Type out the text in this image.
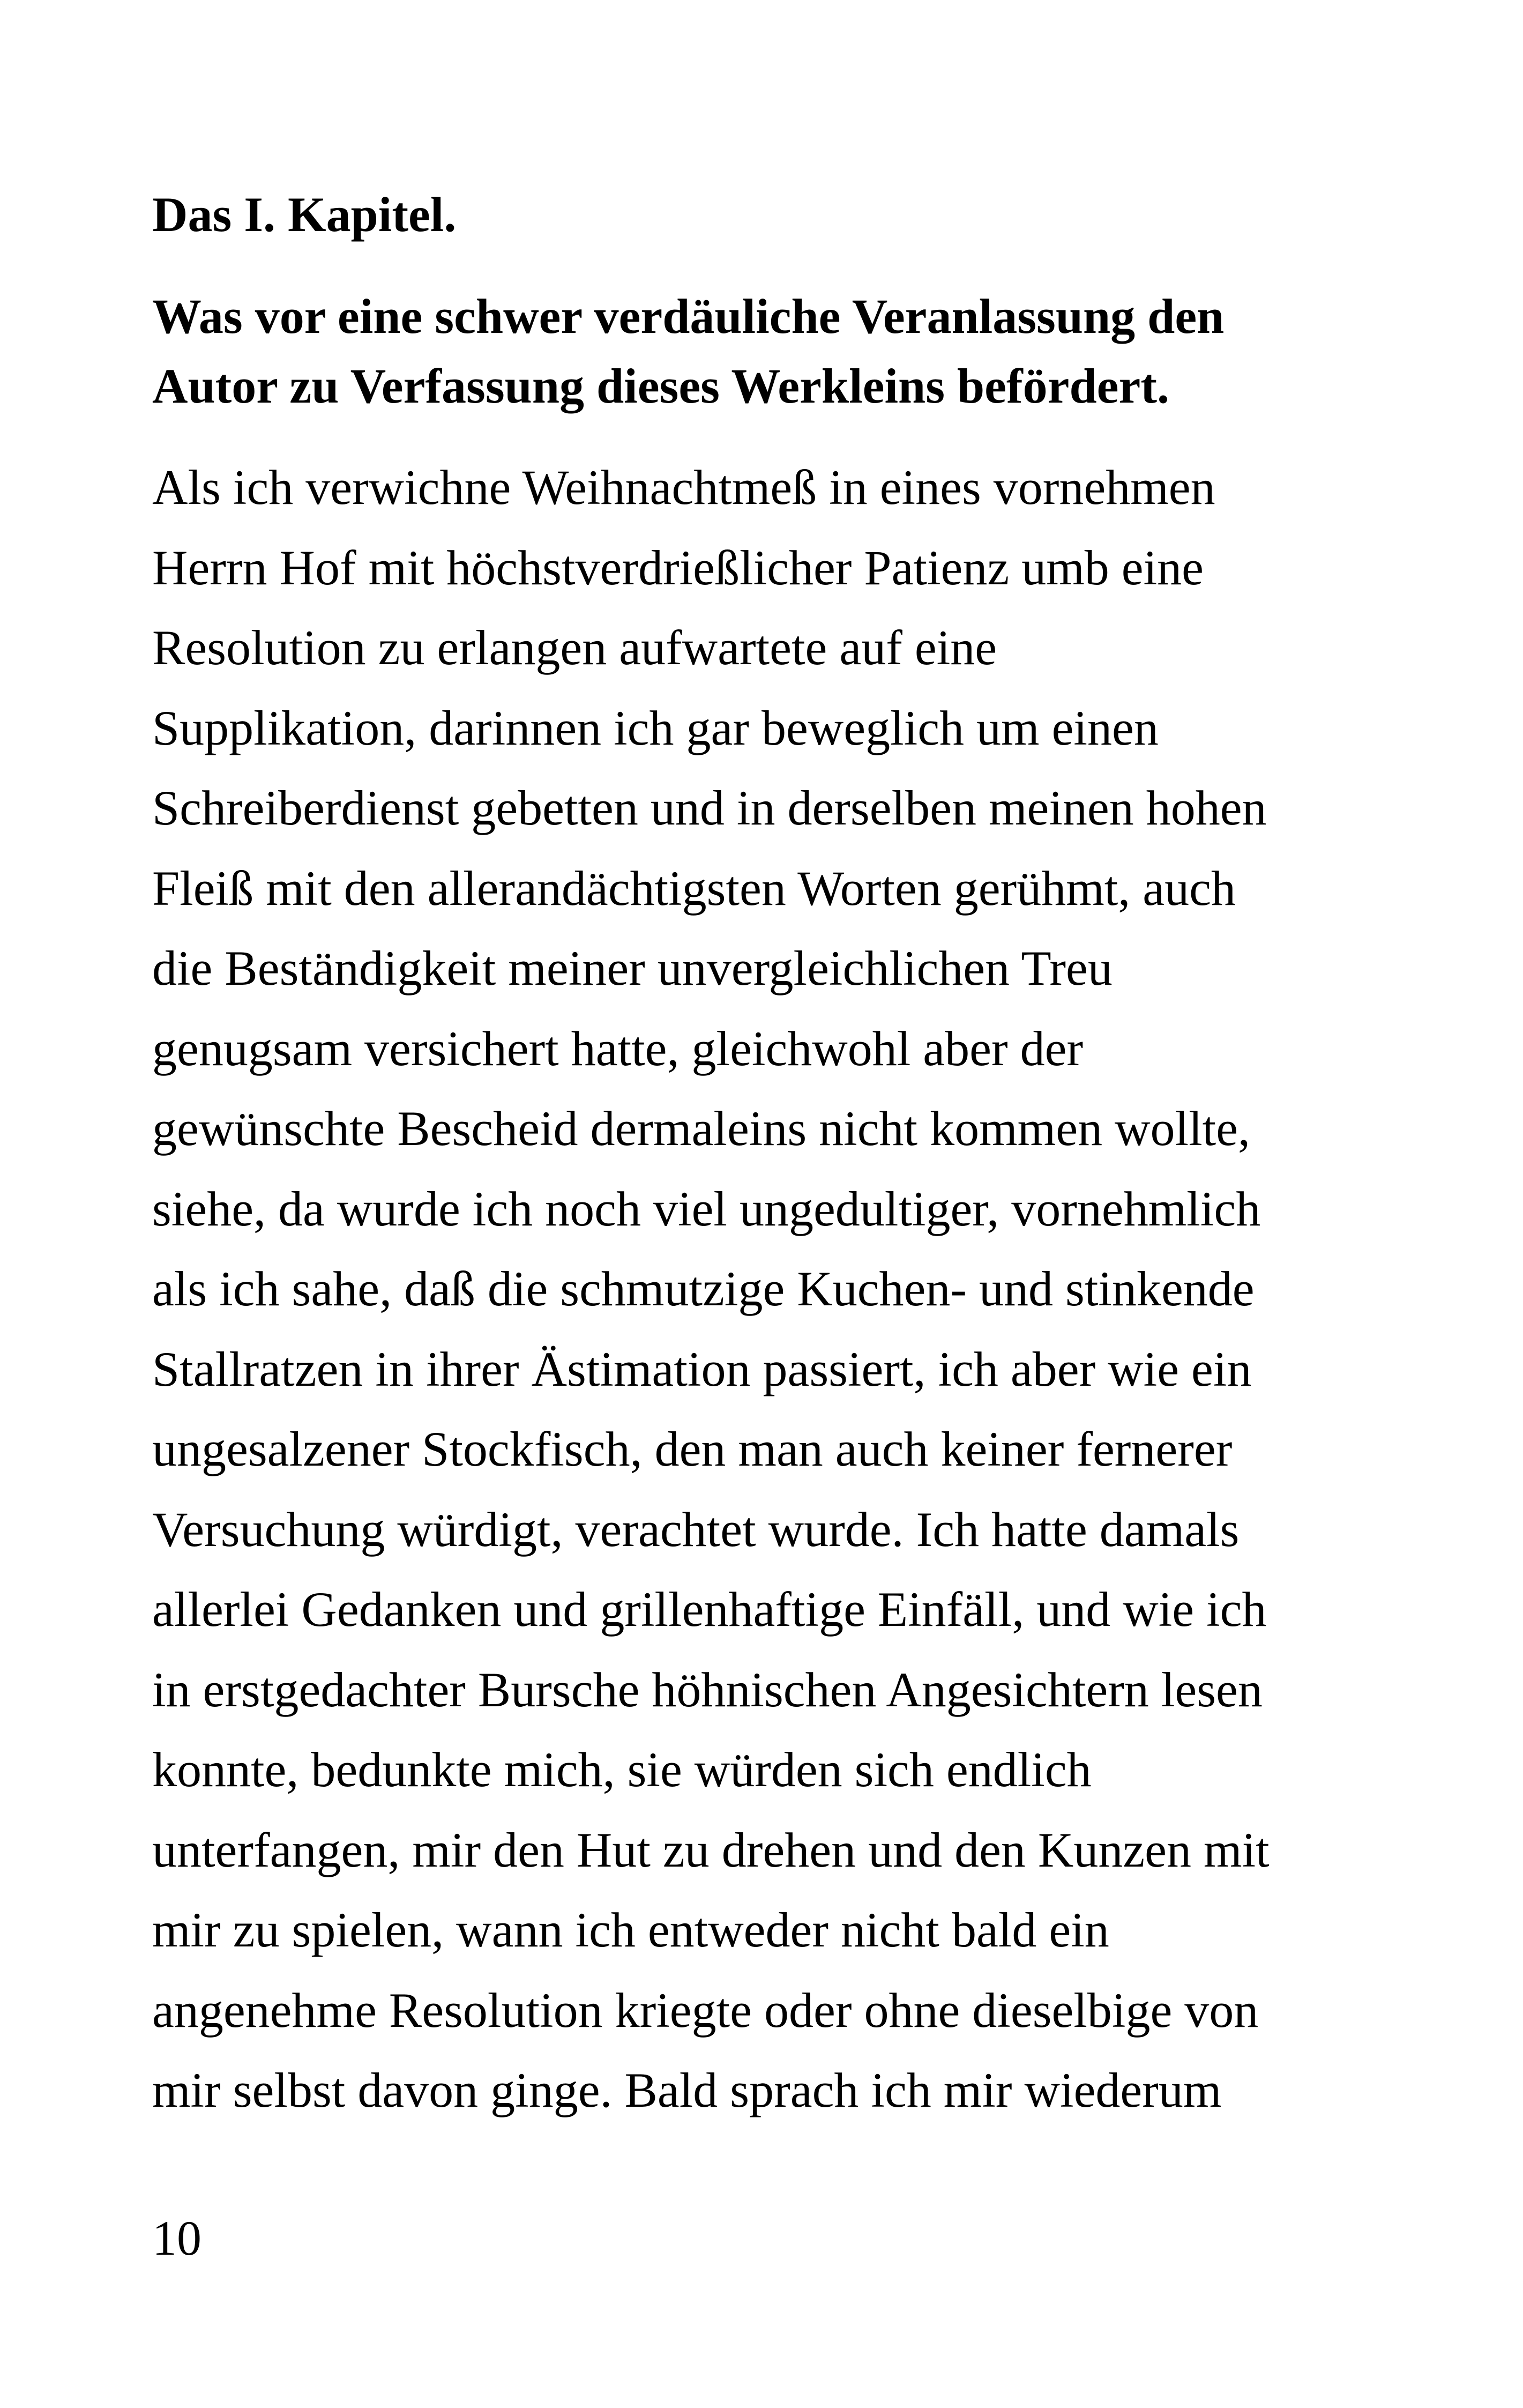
Das I. Kapitel.
Was vor eine schwer verdäuliche Veranlassung den
Autor zu Verfassung dieses Werkleins befördert.

Als ich verwichne Weihnachtmeß in eines vornehmen
Herrn Hof mit höchstverdrießlicher Patienz umb eine
Resolution zu erlangen aufwartete auf eine
Supplikation, darinnen ich gar beweglich um einen
Schreiberdienst gebetten und in derselben meinen hohen
Fleiß mit den allerandächtigsten Worten gerühmt, auch
die Beständigkeit meiner unvergleichlichen Treu
genugsam versichert hatte, gleichwohl aber der
gewünschte Bescheid dermaleins nicht kommen wollte,
siehe, da wurde ich noch viel ungedultiger, vornehmlich
als ich sahe, daß die schmutzige Kuchen- und stinkende
Stallratzen in ihrer Ästimation passiert, ich aber wie ein
ungesalzener Stockfisch, den man auch keiner fernerer
Versuchung würdigt, verachtet wurde. Ich hatte damals
allerlei Gedanken und grillenhaftige Einfäll, und wie ich
in erstgedachter Bursche höhnischen Angesichtern lesen
konnte, bedunkte mich, sie würden sich endlich
unterfangen, mir den Hut zu drehen und den Kunzen mit
mir zu spielen, wann ich entweder nicht bald ein
angenehme Resolution kriegte oder ohne dieselbige von
mir selbst davon ginge. Bald sprach ich mir wiederum

10
